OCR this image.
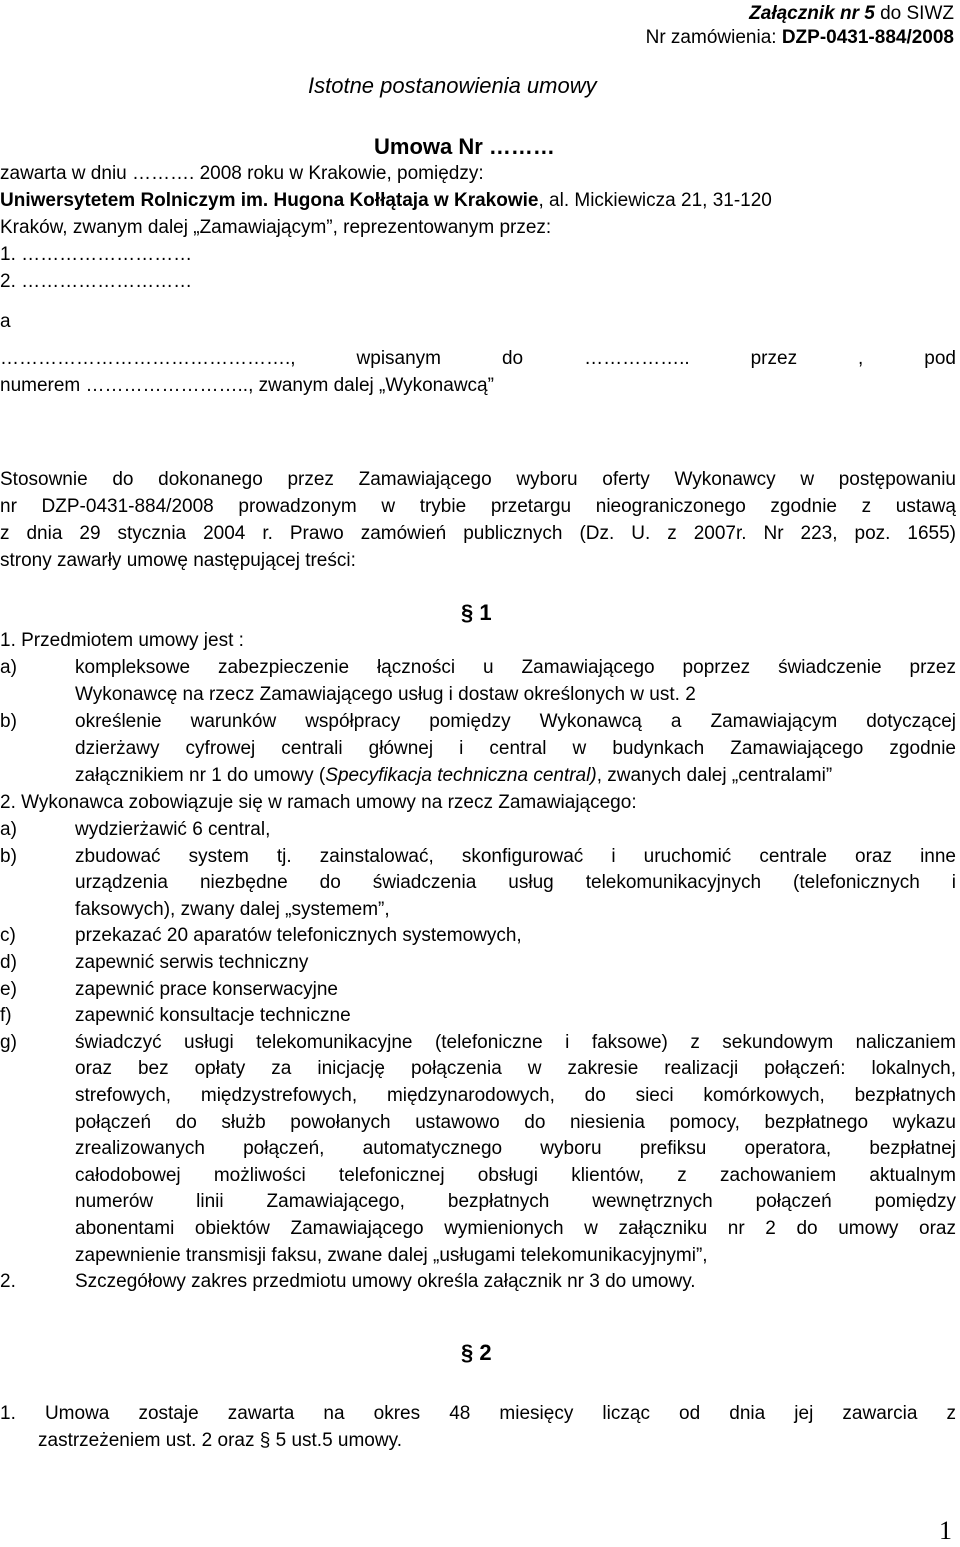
Załącznik nr 5 do SIWZ
Nr zamówienia: DZP-0431-884/2008
Istotne postanowienia umowy
Umowa Nr ………
zawarta w dniu ………. 2008 roku w Krakowie, pomiędzy:
Uniwersytetem Rolniczym im. Hugona Kołłątaja w Krakowie, al. Mickiewicza 21, 31-120
Kraków, zwanym dalej „Zamawiającym”, reprezentowanym przez:
1. ………………………
2. ………………………
a
………………………………………., wpisanym do …………….. przez , pod
numerem …………………….., zwanym dalej „Wykonawcą”
Stosownie do dokonanego przez Zamawiającego wyboru oferty Wykonawcy w postępowaniu
nr DZP-0431-884/2008 prowadzonym w trybie przetargu nieograniczonego zgodnie z ustawą
z dnia 29 stycznia 2004 r. Prawo zamówień publicznych (Dz. U. z 2007r. Nr 223, poz. 1655)
strony zawarły umowę następującej treści:
§ 1
1. Przedmiotem umowy jest :
a)	kompleksowe zabezpieczenie łączności u Zamawiającego poprzez świadczenie przez
Wykonawcę na rzecz Zamawiającego usług i dostaw określonych w ust. 2
b)	określenie warunków współpracy pomiędzy Wykonawcą a Zamawiającym dotyczącej
dzierżawy cyfrowej centrali głównej i central w budynkach Zamawiającego zgodnie
załącznikiem nr 1 do umowy (Specyfikacja techniczna central), zwanych dalej „centralami”
2. Wykonawca zobowiązuje się w ramach umowy na rzecz Zamawiającego:
a)	wydzierżawić 6 central,
b)	zbudować system tj. zainstalować, skonfigurować i uruchomić centrale oraz inne
urządzenia niezbędne do świadczenia usług telekomunikacyjnych (telefonicznych i
faksowych), zwany dalej „systemem”,
c)	przekazać 20 aparatów telefonicznych systemowych,
d)	zapewnić serwis techniczny
e)	zapewnić prace konserwacyjne
f)	zapewnić konsultacje techniczne
g)	świadczyć usługi telekomunikacyjne (telefoniczne i faksowe) z sekundowym naliczaniem
oraz bez opłaty za inicjację połączenia w zakresie realizacji połączeń: lokalnych,
strefowych, międzystrefowych, międzynarodowych, do sieci komórkowych, bezpłatnych
połączeń do służb powołanych ustawowo do niesienia pomocy, bezpłatnego wykazu
zrealizowanych połączeń, automatycznego wyboru prefiksu operatora, bezpłatnej
całodobowej możliwości telefonicznej obsługi klientów, z zachowaniem aktualnym
numerów linii Zamawiającego, bezpłatnych wewnętrznych połączeń pomiędzy
abonentami obiektów Zamawiającego wymienionych w załączniku nr 2 do umowy oraz
zapewnienie transmisji faksu, zwane dalej „usługami telekomunikacyjnymi”,
2.	Szczegółowy zakres przedmiotu umowy określa załącznik nr 3 do umowy.
§ 2
1. Umowa zostaje zawarta na okres 48 miesięcy licząc od dnia jej zawarcia z
zastrzeżeniem ust. 2 oraz § 5 ust.5 umowy.
1
